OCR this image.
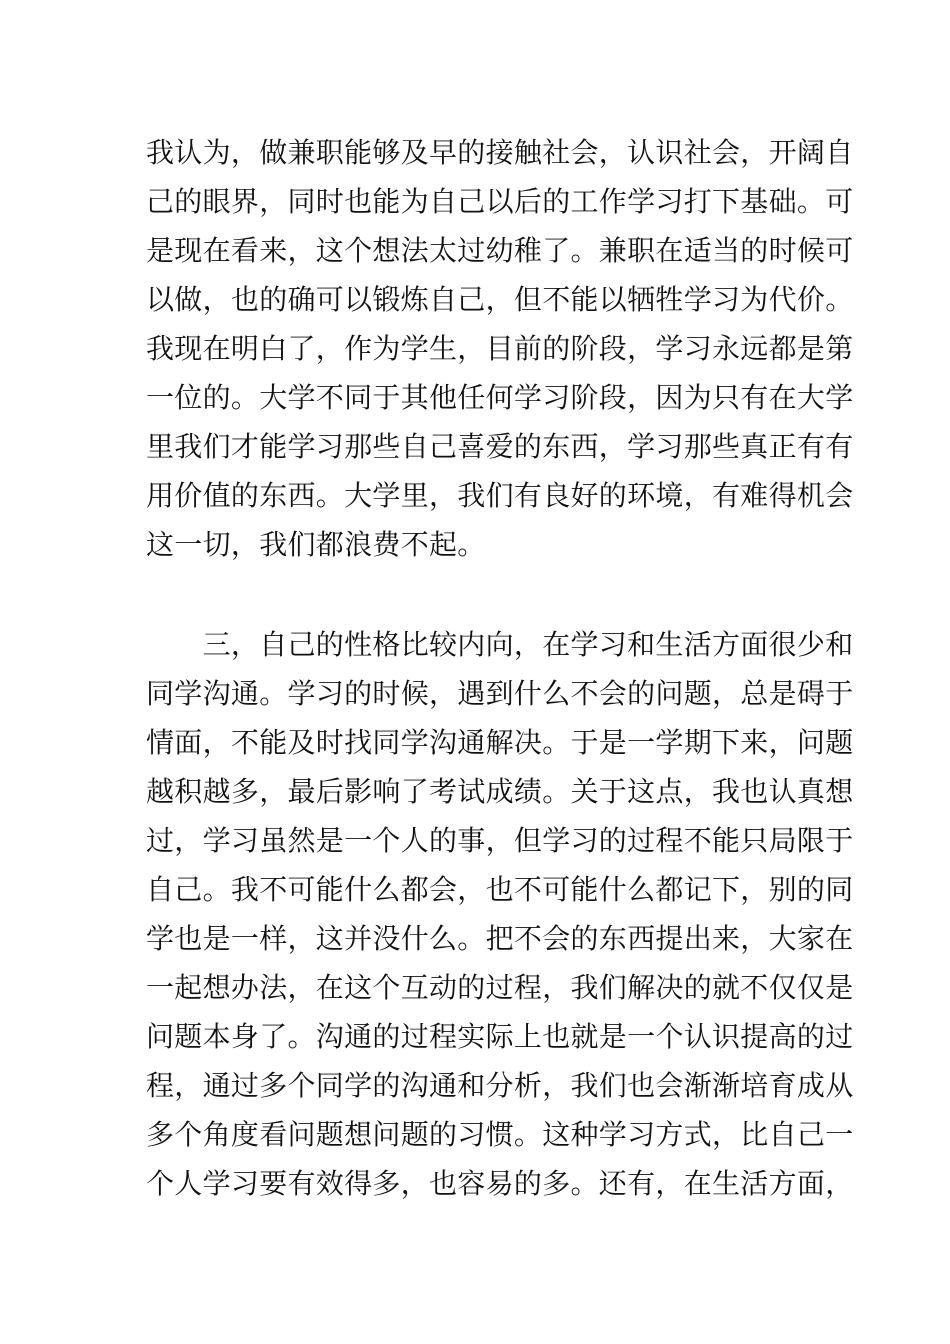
我认为，做兼职能够及早的接触社会，认识社会，开阔自
己的眼界，同时也能为自己以后的工作学习打下基础。可
是现在看来，这个想法太过幼稚了。兼职在适当的时候可
以做，也的确可以锻炼自己，但不能以牺牲学习为代价。
我现在明白了，作为学生，目前的阶段，学习永远都是第
一位的。大学不同于其他任何学习阶段，因为只有在大学
里我们才能学习那些自己喜爱的东西，学习那些真正有有
用价值的东西。大学里，我们有良好的环境，有难得机会
这一切，我们都浪费不起。
　　三，自己的性格比较内向，在学习和生活方面很少和
同学沟通。学习的时候，遇到什么不会的问题，总是碍于
情面，不能及时找同学沟通解决。于是一学期下来，问题
越积越多，最后影响了考试成绩。关于这点，我也认真想
过，学习虽然是一个人的事，但学习的过程不能只局限于
自己。我不可能什么都会，也不可能什么都记下，别的同
学也是一样，这并没什么。把不会的东西提出来，大家在
一起想办法，在这个互动的过程，我们解决的就不仅仅是
问题本身了。沟通的过程实际上也就是一个认识提高的过
程，通过多个同学的沟通和分析，我们也会渐渐培育成从
多个角度看问题想问题的习惯。这种学习方式，比自己一
个人学习要有效得多，也容易的多。还有，在生活方面，
